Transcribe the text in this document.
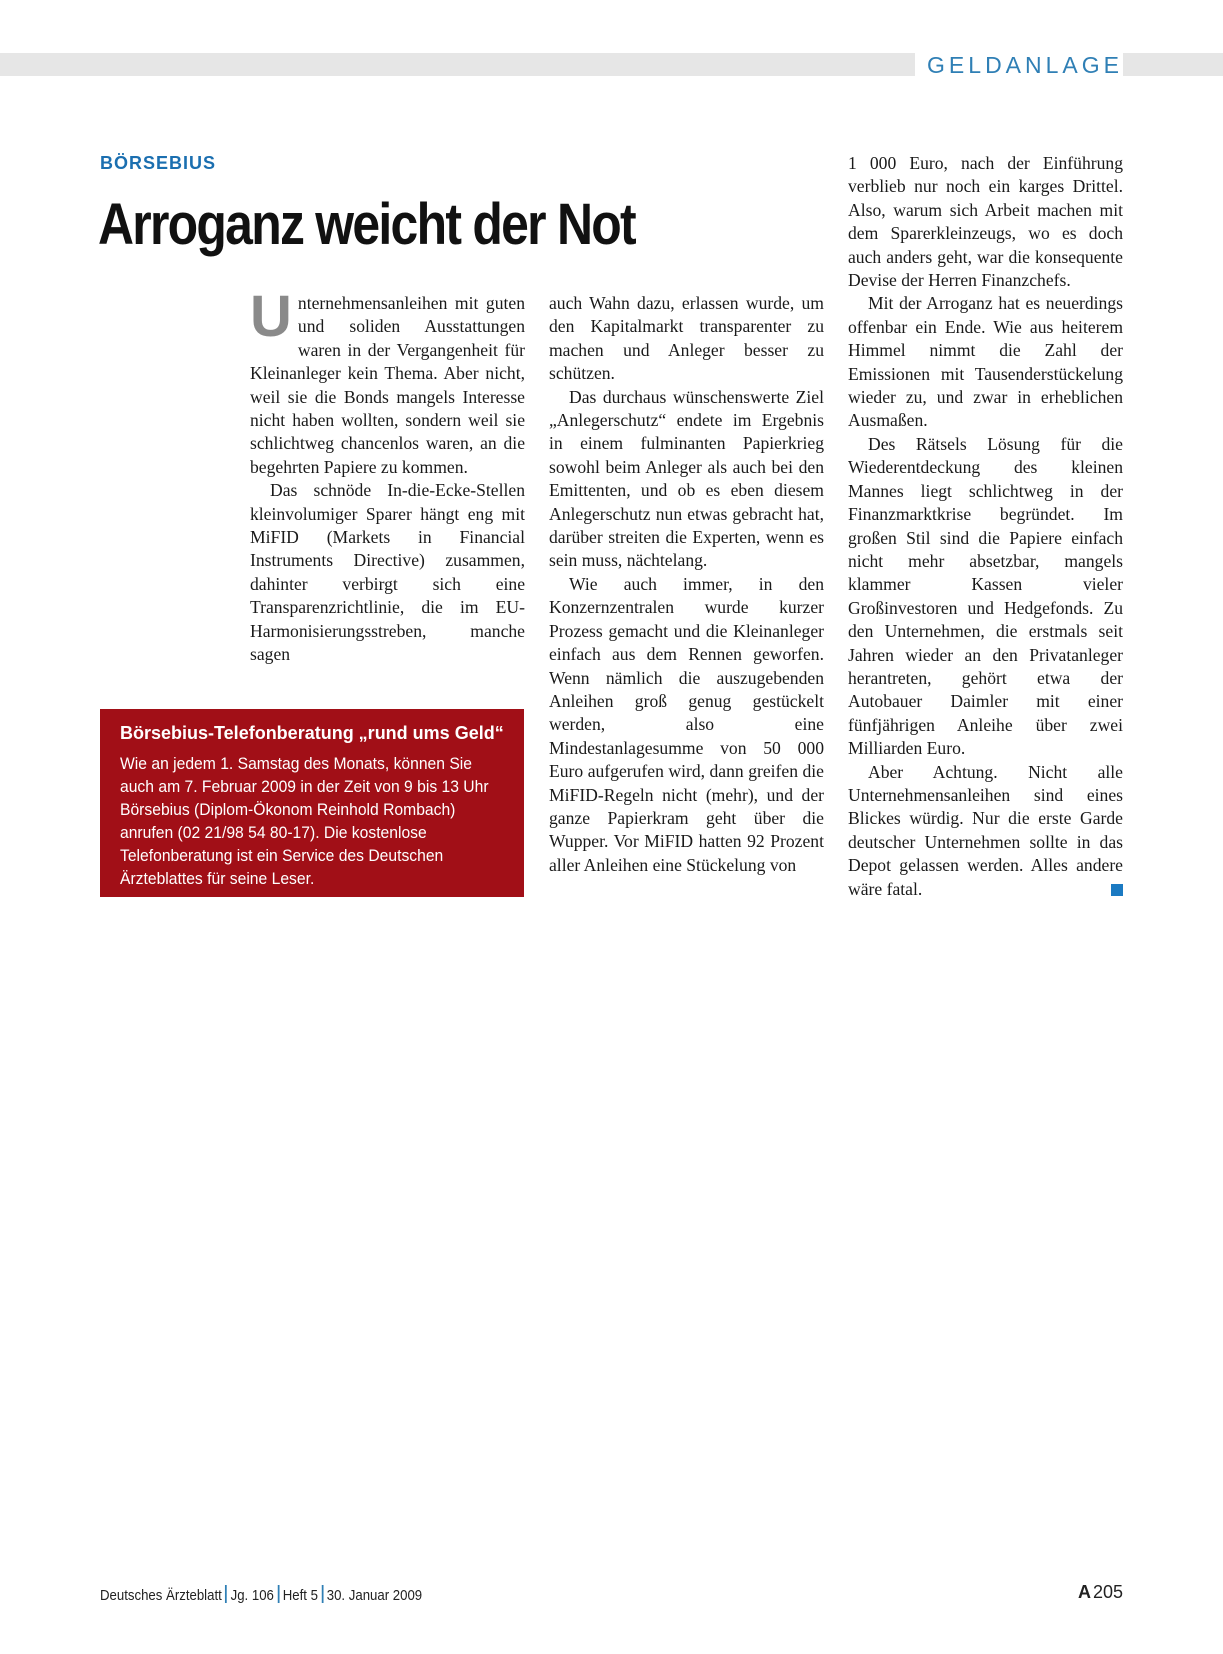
GELDANLAGE
BÖRSEBIUS
Arroganz weicht der Not

Unternehmensanleihen mit guten und soliden Ausstattungen waren in der Vergangenheit für Kleinanleger kein Thema. Aber nicht, weil sie die Bonds mangels Interesse nicht haben wollten, sondern weil sie schlichtweg chancenlos waren, an die begehrten Papiere zu kommen.

Das schnöde In-die-Ecke-Stellen kleinvolumiger Sparer hängt eng mit MiFID (Markets in Financial Instruments Directive) zusammen, dahinter verbirgt sich eine Transparenzrichtlinie, die im EU-Harmonisierungsstreben, manche sagen

auch Wahn dazu, erlassen wurde, um den Kapitalmarkt transparenter zu machen und Anleger besser zu schützen.

Das durchaus wünschenswerte Ziel „Anlegerschutz“ endete im Ergebnis in einem fulminanten Papierkrieg sowohl beim Anleger als auch bei den Emittenten, und ob es eben diesem Anlegerschutz nun etwas gebracht hat, darüber streiten die Experten, wenn es sein muss, nächtelang.

Wie auch immer, in den Konzernzentralen wurde kurzer Prozess gemacht und die Kleinanleger einfach aus dem Rennen geworfen. Wenn nämlich die auszugebenden Anleihen groß genug gestückelt werden, also eine Mindestanlagesumme von 50 000 Euro aufgerufen wird, dann greifen die MiFID-Regeln nicht (mehr), und der ganze Papierkram geht über die Wupper. Vor MiFID hatten 92 Prozent aller Anleihen eine Stückelung von

1 000 Euro, nach der Einführung verblieb nur noch ein karges Drittel. Also, warum sich Arbeit machen mit dem Sparerkleinzeugs, wo es doch auch anders geht, war die konsequente Devise der Herren Finanzchefs.

Mit der Arroganz hat es neuerdings offenbar ein Ende. Wie aus heiterem Himmel nimmt die Zahl der Emissionen mit Tausenderstückelung wieder zu, und zwar in erheblichen Ausmaßen.

Des Rätsels Lösung für die Wiederentdeckung des kleinen Mannes liegt schlichtweg in der Finanzmarktkrise begründet. Im großen Stil sind die Papiere einfach nicht mehr absetzbar, mangels klammer Kassen vieler Großinvestoren und Hedgefonds. Zu den Unternehmen, die erstmals seit Jahren wieder an den Privatanleger herantreten, gehört etwa der Autobauer Daimler mit einer fünfjährigen Anleihe über zwei Milliarden Euro.

Aber Achtung. Nicht alle Unternehmensanleihen sind eines Blickes würdig. Nur die erste Garde deutscher Unternehmen sollte in das Depot gelassen werden. Alles andere wäre fatal.

Börsebius-Telefonberatung „rund ums Geld“
Wie an jedem 1. Samstag des Monats, können Sie auch am 7. Februar 2009 in der Zeit von 9 bis 13 Uhr Börsebius (Diplom-Ökonom Reinhold Rombach) anrufen (02 21/98 54 80-17). Die kostenlose Telefonberatung ist ein Service des Deutschen Ärzteblattes für seine Leser.
Deutsches Ärzteblatt Jg. 106 Heft 5 30. Januar 2009	A 205
